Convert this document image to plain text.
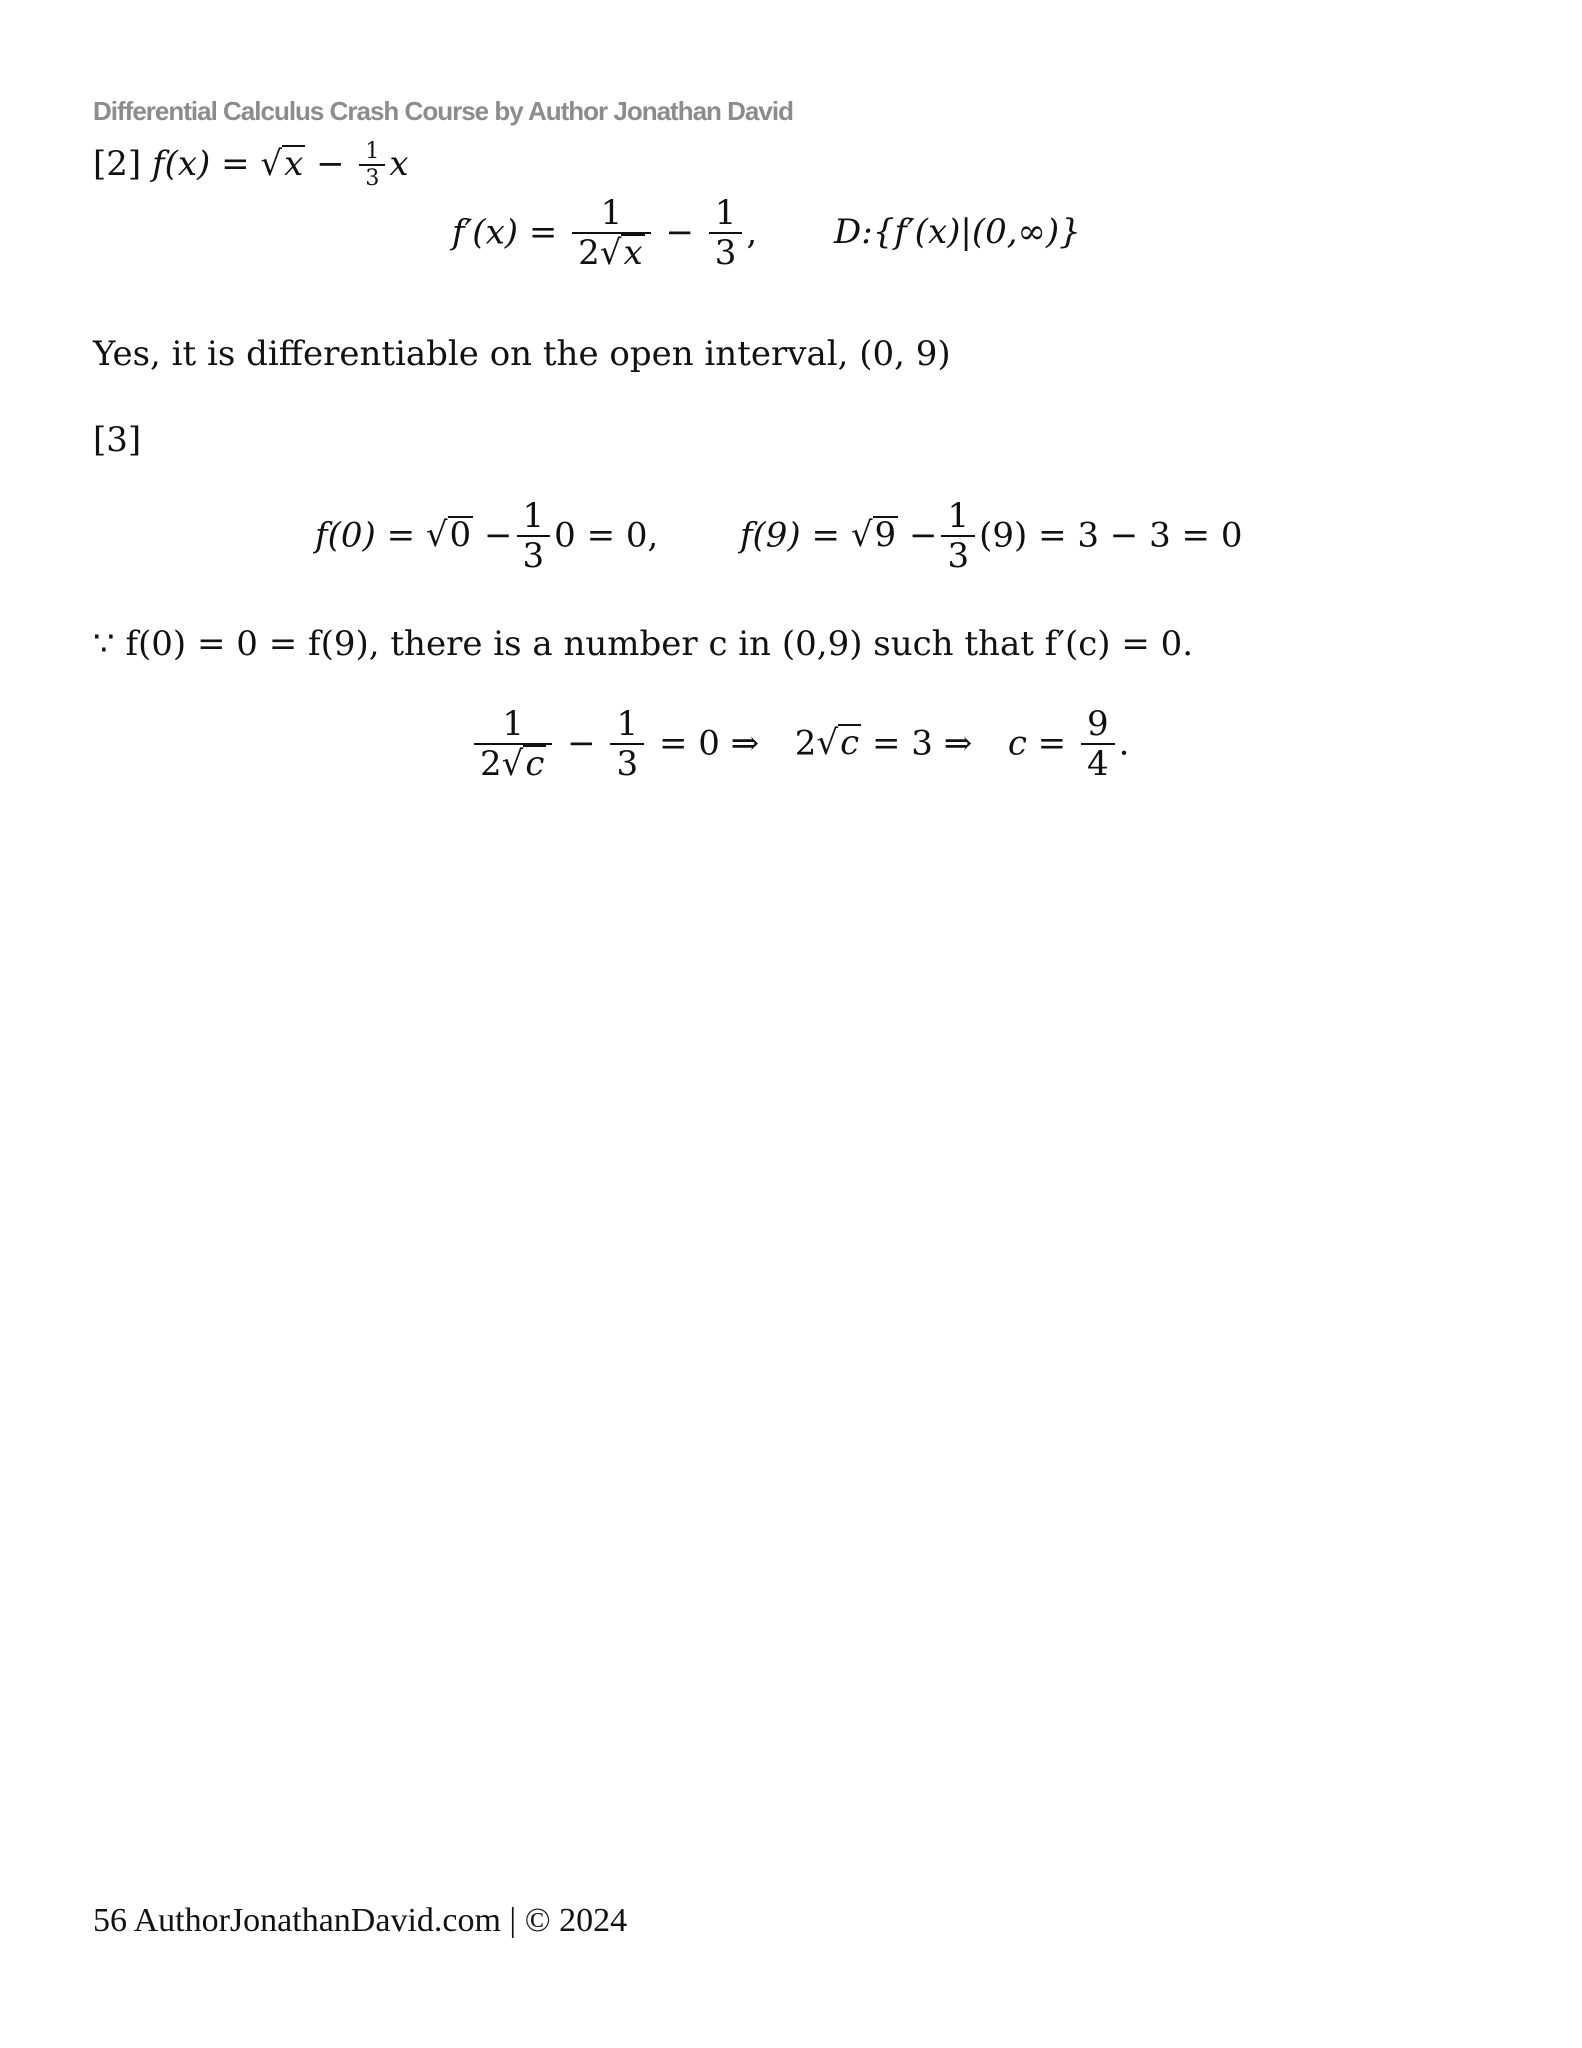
Differential Calculus Crash Course by Author Jonathan David
[2] $f(x) = √x - \frac{1}{3}$ x
$f'(x) = \frac{1}{2√x} - \frac{1}{3}$ , D:{f′(x)|(0,∞)}
Yes, it is differentiable on the open interval, (0, 9)
[3]
$f(0) = √0 - \frac{1}{3} 0 = 0$, $f(9) = √9 - \frac{1}{3} (9) = 3 - 3 = 0$
∵ f(0) = 0 = f(9), there is a number c in (0,9) such that f′(c) = 0.
$\frac{1}{2√c} - \frac{1}{3} = 0$ ⇒ 2√c = 3 ⇒ $c = \frac{9}{4}$ .
56 AuthorJonathanDavid.com | © 2024
